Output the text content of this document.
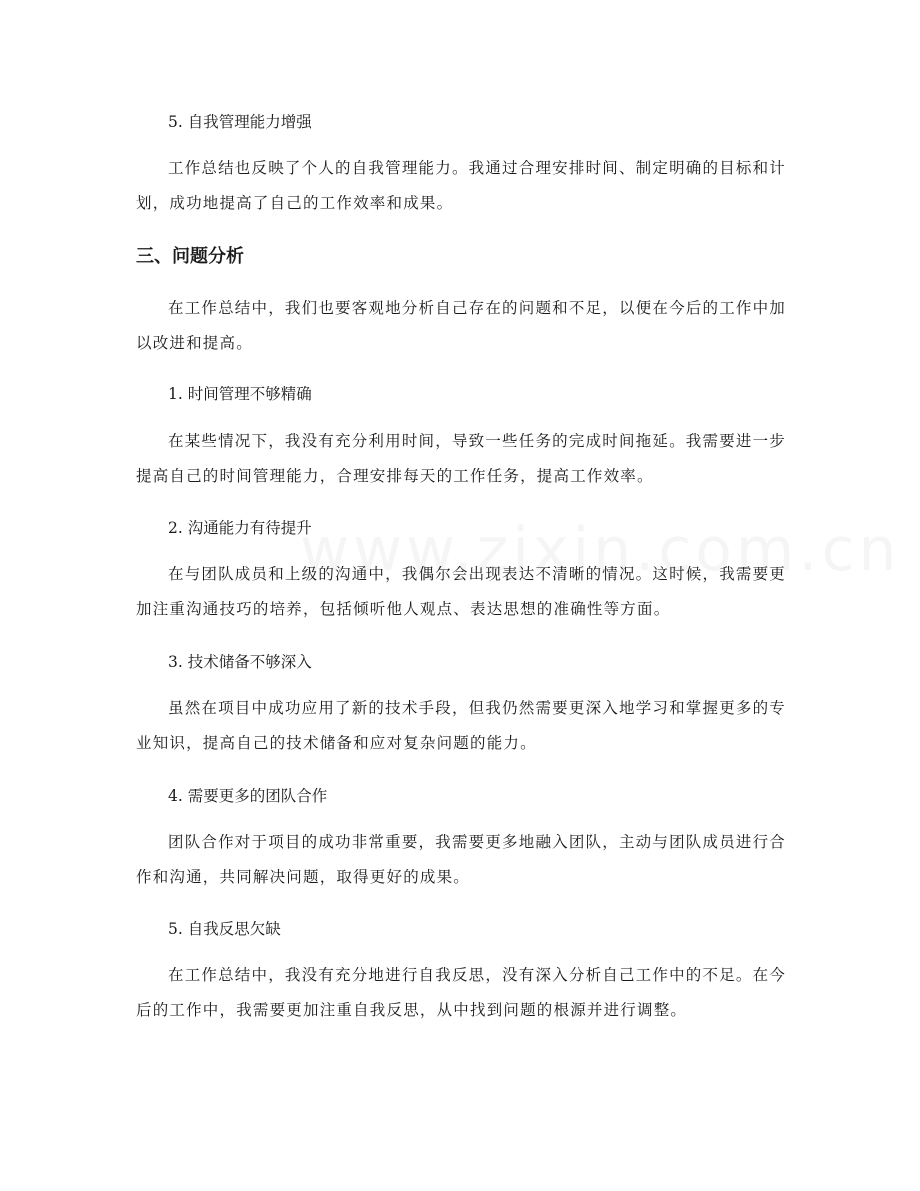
5. 自我管理能力增强

工作总结也反映了个人的自我管理能力。我通过合理安排时间、制定明确的目标和计划，成功地提高了自己的工作效率和成果。

三、问题分析

在工作总结中，我们也要客观地分析自己存在的问题和不足，以便在今后的工作中加以改进和提高。

1. 时间管理不够精确

在某些情况下，我没有充分利用时间，导致一些任务的完成时间拖延。我需要进一步提高自己的时间管理能力，合理安排每天的工作任务，提高工作效率。

2. 沟通能力有待提升

在与团队成员和上级的沟通中，我偶尔会出现表达不清晰的情况。这时候，我需要更加注重沟通技巧的培养，包括倾听他人观点、表达思想的准确性等方面。

3. 技术储备不够深入

虽然在项目中成功应用了新的技术手段，但我仍然需要更深入地学习和掌握更多的专业知识，提高自己的技术储备和应对复杂问题的能力。

4. 需要更多的团队合作

团队合作对于项目的成功非常重要，我需要更多地融入团队，主动与团队成员进行合作和沟通，共同解决问题，取得更好的成果。

5. 自我反思欠缺

在工作总结中，我没有充分地进行自我反思，没有深入分析自己工作中的不足。在今后的工作中，我需要更加注重自我反思，从中找到问题的根源并进行调整。
